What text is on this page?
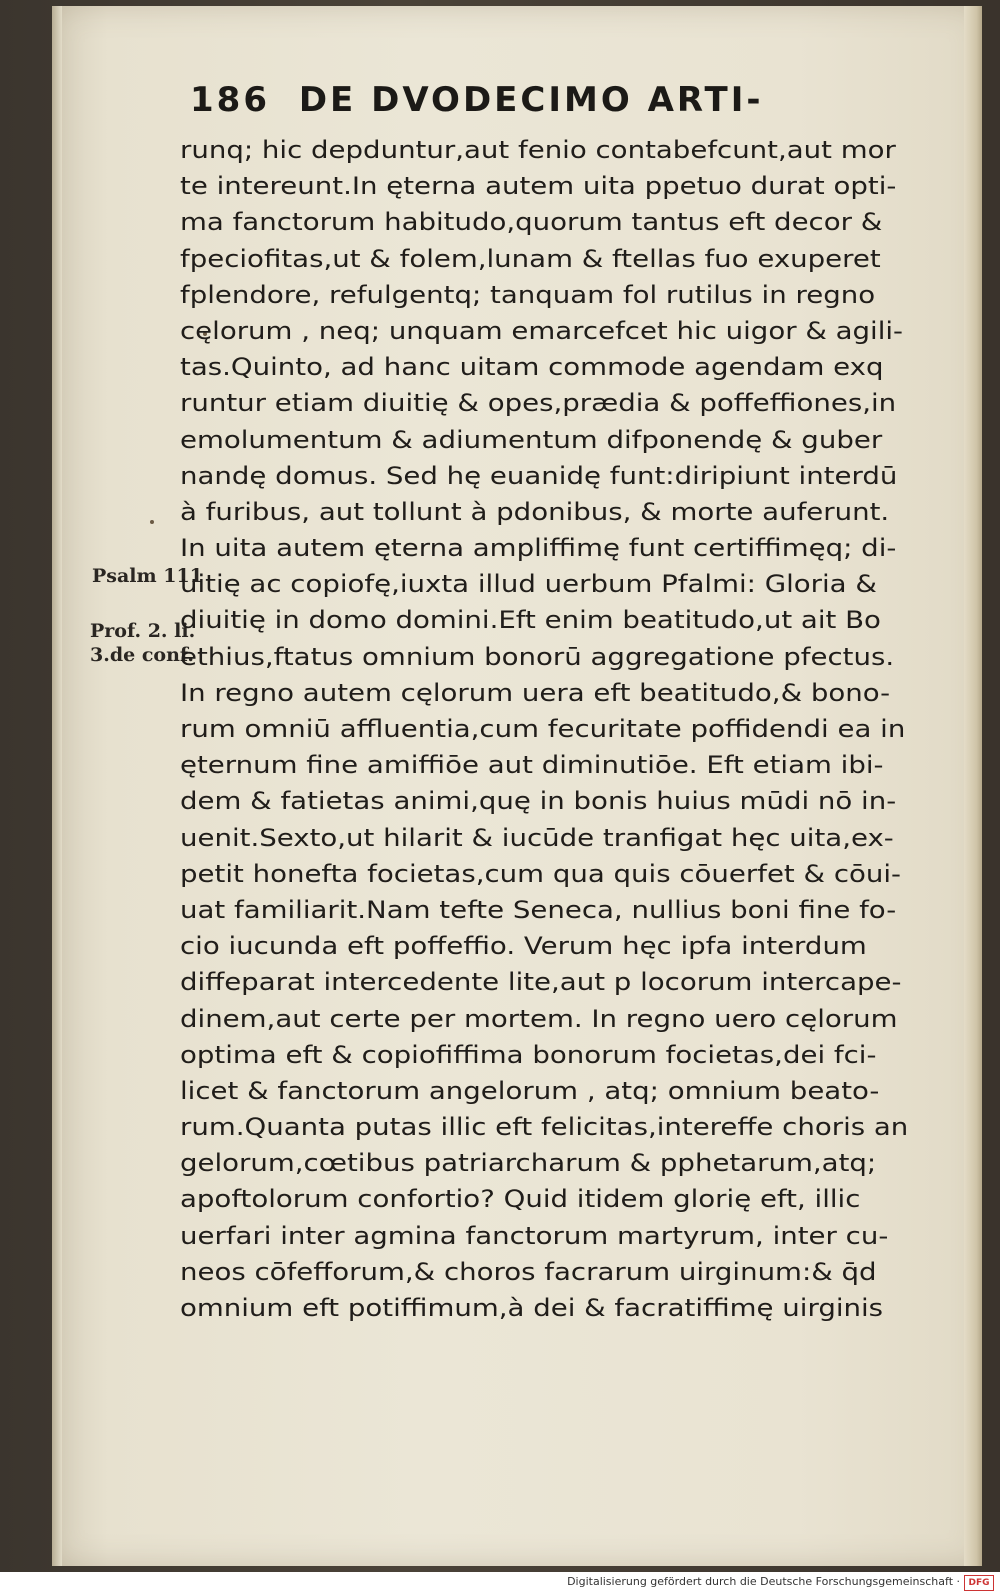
186 DE DVODECIMO ARTI-
Psalm 111
Prof. 2. li.
3.de conf.
runq; hic depduntur,aut fenio contabefcunt,aut mor
te intereunt.In ęterna autem uita ppetuo durat opti-
ma fanctorum habitudo,quorum tantus eft decor &
fpeciofitas,ut & folem,lunam & ftellas fuo exuperet
fplendore, refulgentq; tanquam fol rutilus in regno
cęlorum , neq; unquam emarcefcet hic uigor & agili-
tas.Quinto, ad hanc uitam commode agendam exq
runtur etiam diuitię & opes,prædia & poffeffiones,in
emolumentum & adiumentum difponendę & guber
nandę domus. Sed hę euanidę funt:diripiunt interdū
à furibus, aut tollunt à pdonibus, & morte auferunt.
In uita autem ęterna ampliffimę funt certiffimęq; di-
uitię ac copiofę,iuxta illud uerbum Pfalmi: Gloria &
diuitię in domo domini.Eft enim beatitudo,ut ait Bo
ethius,ftatus omnium bonorū aggregatione pfectus.
In regno autem cęlorum uera eft beatitudo,& bono-
rum omniū affluentia,cum fecuritate poffidendi ea in
ęternum fine amiffiōe aut diminutiōe. Eft etiam ibi-
dem & fatietas animi,quę in bonis huius mūdi nō in-
uenit.Sexto,ut hilarit & iucūde tranfigat hęc uita,ex-
petit honefta focietas,cum qua quis cōuerfet & cōui-
uat familiarit.Nam tefte Seneca, nullius boni fine fo-
cio iucunda eft poffeffio. Verum hęc ipfa interdum
diffeparat intercedente lite,aut p locorum intercape-
dinem,aut certe per mortem. In regno uero cęlorum
optima eft & copiofiffima bonorum focietas,dei fci-
licet & fanctorum angelorum , atq; omnium beato-
rum.Quanta putas illic eft felicitas,intereffe choris an
gelorum,cœtibus patriarcharum & pphetarum,atq;
apoftolorum confortio? Quid itidem glorię eft, illic
uerfari inter agmina fanctorum martyrum, inter cu-
neos cōfefforum,& choros facrarum uirginum:& q̄d
omnium eft potiffimum,à dei & facratiffimę uirginis
Digitalisierung gefördert durch die Deutsche Forschungsgemeinschaft · DFG
